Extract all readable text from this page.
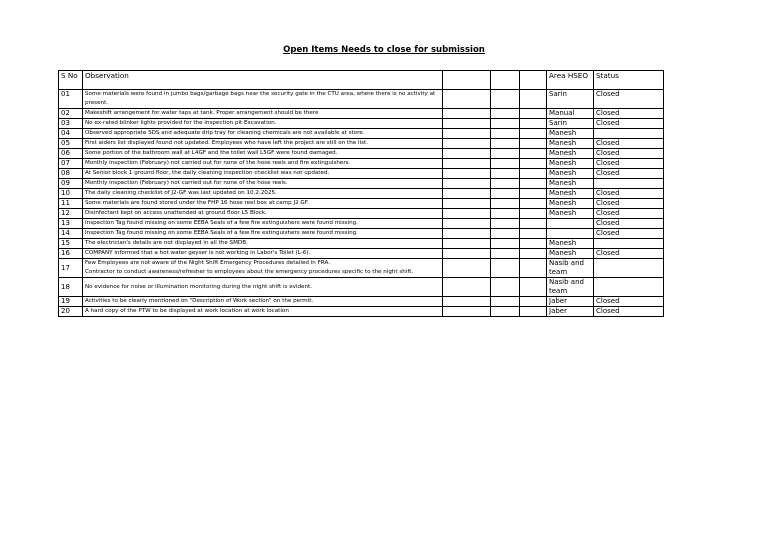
Open Items Needs to close for submission
S No	Observation				Area HSEO	Status
01	Some materials were found in jumbo bags/garbage bags near the security gate in the CTU area, where there is no activity at present.				Sarin	Closed
02	Makeshift arrangement for water taps at tank. Proper arrangement should be there				Manual	Closed
03	No ex-rated blinker lights provided for the inspection pit Excavation.				Sarin	Closed
04	Observed appropriate SDS and adequate drip tray for cleaning chemicals are not available at store.				Manesh	
05	First aiders list displayed found not updated. Employees who have left the project are still on the list.				Manesh	Closed
06	Some portion of the bathroom wall at L4GF and the toilet wall L5GF were found damaged.				Manesh	Closed
07	Monthly inspection (February) not carried out for none of the hose reels and fire extinguishers.				Manesh	Closed
08	At Senior block 1 ground floor, the daily cleaning inspection checklist was not updated.				Manesh	Closed
09	Monthly inspection (February) not carried out for none of the hose reels.				Manesh	
10	The daily cleaning checklist of J2-GF was last updated on 10.2.2025.				Manesh	Closed
11	Some materials are found stored under the FHP 16 hose reel box at camp J2 GF.				Manesh	Closed
12	Disinfectant kept on access unattended at ground floor L5 Block.				Manesh	Closed
13	Inspection Tag found missing on some EEBA Seals of a few fire extinguishers were found missing.					Closed
14	Inspection Tag found missing on some EEBA Seals of a few fire extinguishers were found missing.					Closed
15	The electrician's details are not displayed in all the SMDB.				Manesh	
16	COMPANY informed that a hot water geyser is not working in Labor's Toilet (L-6).				Manesh	Closed
17	Few Employees are not aware of the Night Shift Emergency Procedures detailed in FRA.
Contractor to conduct awareness/refresher to employees about the emergency procedures specific to the night shift.				Nasib and team	
18	No evidence for noise or illumination monitoring during the night shift is evident.				Nasib and team	
19	Activities to be clearly mentioned on "Description of Work section" on the permit.				Jaber	Closed
20	A hard copy of the PTW to be displayed at work location at work location				Jaber	Closed
